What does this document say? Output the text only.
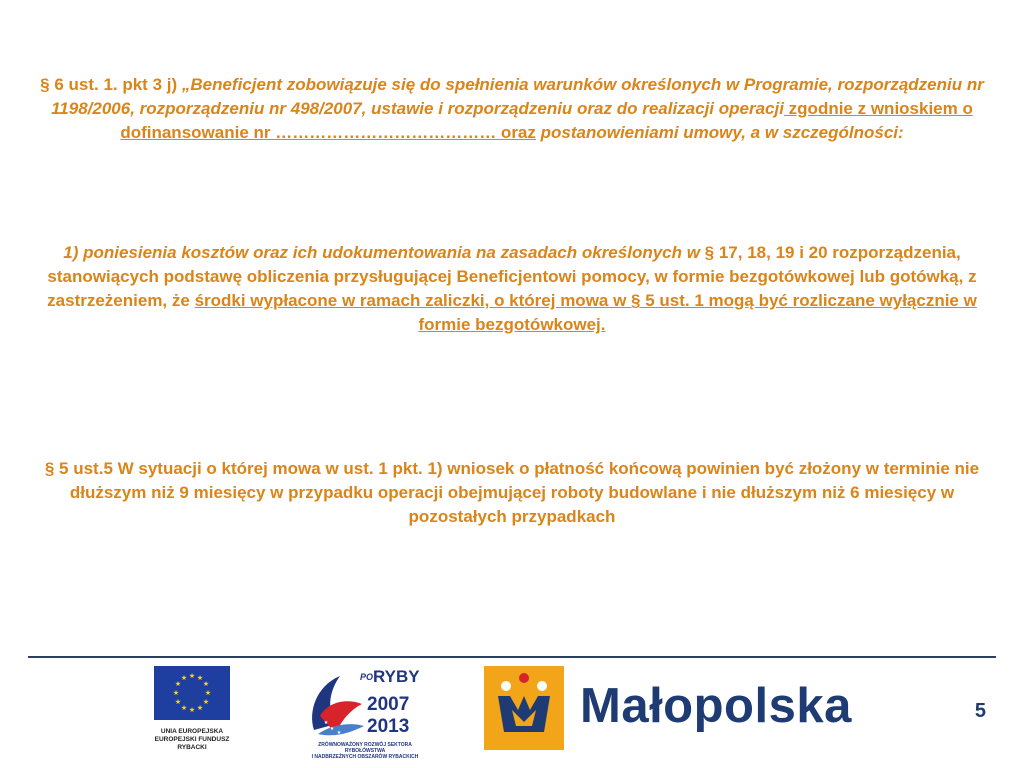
§ 6 ust. 1. pkt 3 j) „Beneficjent zobowiązuje się do spełnienia warunków określonych w Programie, rozporządzeniu nr 1198/2006, rozporządzeniu nr 498/2007, ustawie i rozporządzeniu oraz do realizacji operacji zgodnie z wnioskiem o dofinansowanie nr ………………………………… oraz postanowieniami umowy, a w szczególności:

1) poniesienia kosztów oraz ich udokumentowania na zasadach określonych w § 17, 18, 19 i 20 rozporządzenia, stanowiących podstawę obliczenia przysługującej Beneficjentowi pomocy, w formie bezgotówkowej lub gotówką, z zastrzeżeniem, że środki wypłacone w ramach zaliczki, o której mowa w § 5 ust. 1 mogą być rozliczane wyłącznie w formie bezgotówkowej.

§ 5 ust.5 W sytuacji o której mowa w ust. 1 pkt. 1) wniosek o płatność końcową powinien być złożony w terminie nie dłuższym niż 9 miesięcy w przypadku operacji obejmującej roboty budowlane i nie dłuższym niż 6 miesięcy w pozostałych przypadkach

★ ★
★
★
★
★
★
★
★
★
★
★
UNIA EUROPEJSKA
EUROPEJSKI FUNDUSZ
RYBACKI
★
★
★
PO RYBY
2007
2013
ZRÓWNOWAŻONY ROZWÓJ SEKTORA RYBOŁÓWSTWA
I NADBRZEŻNYCH OBSZARÓW RYBACKICH
Małopolska	5
